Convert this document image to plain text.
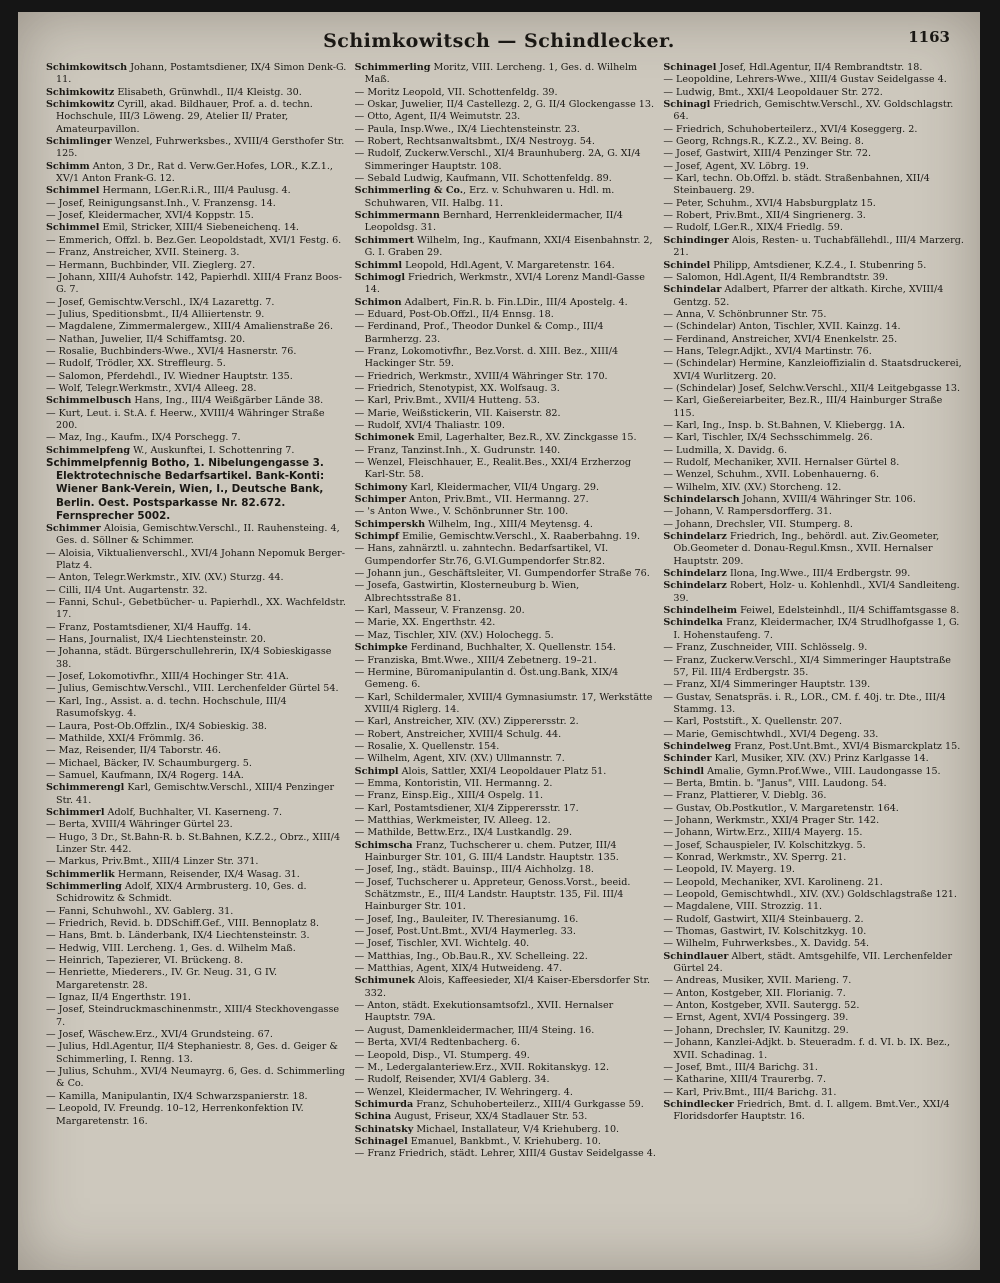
Schimkowitsch — Schindlecker.	1163

Schimkowitsch Johann, Postamtsdiener, IX/4 Simon Denk-G. 11.

Schimkowitz Elisabeth, Grünwhdl., II/4 Kleistg. 30.

Schimkowitz Cyrill, akad. Bildhauer, Prof. a. d. techn. Hochschule, III/3 Löweng. 29, Atelier II/ Prater, Amateurpavillon.

Schimlinger Wenzel, Fuhrwerksbes., XVIII/4 Gersthofer Str. 125.

Schimm Anton, 3 Dr., Rat d. Verw.Ger.Hofes, LOR., K.Z.1., XV/1 Anton Frank-G. 12.

Schimmel Hermann, LGer.R.i.R., III/4 Paulusg. 4.

— Josef, Reinigungsanst.Inh., V. Franzensg. 14.

— Josef, Kleidermacher, XVI/4 Koppstr. 15.

Schimmel Emil, Stricker, XIII/4 Siebeneichenq. 14.

— Emmerich, Offzl. b. Bez.Ger. Leopoldstadt, XVI/1 Festg. 6.

— Franz, Anstreicher, XVII. Steinerg. 3.

— Hermann, Buchbinder, VII. Zieglerg. 27.

— Johann, XIII/4 Auhofstr. 142, Papierhdl. XIII/4 Franz Boos-G. 7.

— Josef, Gemischtw.Verschl., IX/4 Lazarettg. 7.

— Julius, Speditionsbmt., II/4 Alliiertenstr. 9.

— Magdalene, Zimmermalergew., XIII/4 Amalienstraße 26.

— Nathan, Juwelier, II/4 Schiffamtsg. 20.

— Rosalie, Buchbinders-Wwe., XVI/4 Hasnerstr. 76.

— Rudolf, Trödler, XX. Streffleurg. 5.

— Salomon, Pferdehdl., IV. Wiedner Hauptstr. 135.

— Wolf, Telegr.Werkmstr., XVI/4 Alleeg. 28.

Schimmelbusch Hans, Ing., III/4 Weißgärber Lände 38.

— Kurt, Leut. i. St.A. f. Heerw., XVIII/4 Währinger Straße 200.

— Maz, Ing., Kaufm., IX/4 Porschegg. 7.

Schimmelpfeng W., Auskunftei, I. Schottenring 7.

Schimmelpfennig Botho, 1. Nibelungengasse 3. Elektrotechnische Bedarfsartikel. Bank-Konti: Wiener Bank-Verein, Wien, I., Deutsche Bank, Berlin. Oest. Postsparkasse Nr. 82.672. Fernsprecher 5002.

Schimmer Aloisia, Gemischtw.Verschl., II. Rauhensteing. 4, Ges. d. Söllner & Schimmer.

— Aloisia, Viktualienverschl., XVI/4 Johann Nepomuk Berger-Platz 4.

— Anton, Telegr.Werkmstr., XIV. (XV.) Sturzg. 44.

— Cilli, II/4 Unt. Augartenstr. 32.

— Fanni, Schul-, Gebetbücher- u. Papierhdl., XX. Wachfeldstr. 17.

— Franz, Postamtsdiener, XI/4 Hauffg. 14.

— Hans, Journalist, IX/4 Liechtensteinstr. 20.

— Johanna, städt. Bürgerschullehrerin, IX/4 Sobieskigasse 38.

— Josef, Lokomotivfhr., XIII/4 Hochinger Str. 41A.

— Julius, Gemischtw.Verschl., VIII. Lerchenfelder Gürtel 54.

— Karl, Ing., Assist. a. d. techn. Hochschule, III/4 Rasumofskyg. 4.

— Laura, Post-Ob.Offzlin., IX/4 Sobieskig. 38.

— Mathilde, XXI/4 Frömmlg. 36.

— Maz, Reisender, II/4 Taborstr. 46.

— Michael, Bäcker, IV. Schaumburgerg. 5.

— Samuel, Kaufmann, IX/4 Rogerg. 14A.

Schimmerengl Karl, Gemischtw.Verschl., XIII/4 Penzinger Str. 41.

Schimmerl Adolf, Buchhalter, VI. Kaserneng. 7.

— Berta, XVIII/4 Währinger Gürtel 23.

— Hugo, 3 Dr., St.Bahn-R. b. St.Bahnen, K.Z.2., Obrz., XIII/4 Linzer Str. 442.

— Markus, Priv.Bmt., XIII/4 Linzer Str. 371.

Schimmerlik Hermann, Reisender, IX/4 Wasag. 31.

Schimmerling Adolf, XIX/4 Armbrusterg. 10, Ges. d. Schidrowitz & Schmidt.

— Fanni, Schuhwohl., XV. Gablerg. 31.

— Friedrich, Revid. b. DDSchiff.Gef., VIII. Bennoplatz 8.

— Hans, Bmt. b. Länderbank, IX/4 Liechtensteinstr. 3.

— Hedwig, VIII. Lercheng. 1, Ges. d. Wilhelm Maß.

— Heinrich, Tapezierer, VI. Brückeng. 8.

— Henriette, Miederers., IV. Gr. Neug. 31, G IV. Margaretenstr. 28.

— Ignaz, II/4 Engerthstr. 191.

— Josef, Steindruckmaschinenmstr., XIII/4 Steckhovengasse 7.

— Josef, Wäschew.Erz., XVI/4 Grundsteing. 67.

— Julius, Hdl.Agentur, II/4 Stephaniestr. 8, Ges. d. Geiger & Schimmerling, I. Renng. 13.

— Julius, Schuhm., XVI/4 Neumayrg. 6, Ges. d. Schimmerling & Co.

— Kamilla, Manipulantin, IX/4 Schwarzspanierstr. 18.

— Leopold, IV. Freundg. 10–12, Herrenkonfektion IV. Margaretenstr. 16.

Schimmerling Moritz, VIII. Lercheng. 1, Ges. d. Wilhelm Maß.

— Moritz Leopold, VII. Schottenfeldg. 39.

— Oskar, Juwelier, II/4 Castellezg. 2, G. II/4 Glockengasse 13.

— Otto, Agent, II/4 Weimutstr. 23.

— Paula, Insp.Wwe., IX/4 Liechtensteinstr. 23.

— Robert, Rechtsanwaltsbmt., IX/4 Nestroyg. 54.

— Rudolf, Zuckerw.Verschl., XI/4 Braunhuberg. 2A, G. XI/4 Simmeringer Hauptstr. 108.

— Sebald Ludwig, Kaufmann, VII. Schottenfeldg. 89.

Schimmerling & Co., Erz. v. Schuhwaren u. Hdl. m. Schuhwaren, VII. Halbg. 11.

Schimmermann Bernhard, Herrenkleidermacher, II/4 Leopoldsg. 31.

Schimmert Wilhelm, Ing., Kaufmann, XXI/4 Eisenbahnstr. 2, G. I. Graben 29.

Schimml Leopold, Hdl.Agent, V. Margaretenstr. 164.

Schimogl Friedrich, Werkmstr., XVI/4 Lorenz Mandl-Gasse 14.

Schimon Adalbert, Fin.R. b. Fin.LDir., III/4 Apostelg. 4.

— Eduard, Post-Ob.Offzl., II/4 Ennsg. 18.

— Ferdinand, Prof., Theodor Dunkel & Comp., III/4 Barmherzg. 23.

— Franz, Lokomotivfhr., Bez.Vorst. d. XIII. Bez., XIII/4 Hackinger Str. 59.

— Friedrich, Werkmstr., XVIII/4 Währinger Str. 170.

— Friedrich, Stenotypist, XX. Wolfsaug. 3.

— Karl, Priv.Bmt., XVII/4 Hutteng. 53.

— Marie, Weißstickerin, VII. Kaiserstr. 82.

— Rudolf, XVI/4 Thaliastr. 109.

Schimonek Emil, Lagerhalter, Bez.R., XV. Zinckgasse 15.

— Franz, Tanzinst.Inh., X. Gudrunstr. 140.

— Wenzel, Fleischhauer, E., Realit.Bes., XXI/4 Erzherzog Karl-Str. 58.

Schimony Karl, Kleidermacher, VII/4 Ungarg. 29.

Schimper Anton, Priv.Bmt., VII. Hermanng. 27.

— 's Anton Wwe., V. Schönbrunner Str. 100.

Schimperskh Wilhelm, Ing., XIII/4 Meytensg. 4.

Schimpf Emilie, Gemischtw.Verschl., X. Raaberbahng. 19.

— Hans, zahnärztl. u. zahntechn. Bedarfsartikel, VI. Gumpendorfer Str.76, G.VI.Gumpendorfer Str.82.

— Johann jun., Geschäftsleiter, VI. Gumpendorfer Straße 76.

— Josefa, Gastwirtin, Klosterneuburg b. Wien, Albrechtsstraße 81.

— Karl, Masseur, V. Franzensg. 20.

— Marie, XX. Engerthstr. 42.

— Maz, Tischler, XIV. (XV.) Holochegg. 5.

Schimpke Ferdinand, Buchhalter, X. Quellenstr. 154.

— Franziska, Bmt.Wwe., XIII/4 Zebetnerg. 19–21.

— Hermine, Büromanipulantin d. Öst.ung.Bank, XIX/4 Gemeng. 6.

— Karl, Schildermaler, XVIII/4 Gymnasiumstr. 17, Werkstätte XVIII/4 Riglerg. 14.

— Karl, Anstreicher, XIV. (XV.) Zipperersstr. 2.

— Robert, Anstreicher, XVIII/4 Schulg. 44.

— Rosalie, X. Quellenstr. 154.

— Wilhelm, Agent, XIV. (XV.) Ullmannstr. 7.

Schimpl Alois, Sattler, XXI/4 Leopoldauer Platz 51.

— Emma, Kontoristin, VII. Hermanng. 2.

— Franz, Einsp.Eig., XIII/4 Ospelg. 11.

— Karl, Postamtsdiener, XI/4 Zipperersstr. 17.

— Matthias, Werkmeister, IV. Alleeg. 12.

— Mathilde, Bettw.Erz., IX/4 Lustkandlg. 29.

Schimscha Franz, Tuchscherer u. chem. Putzer, III/4 Hainburger Str. 101, G. III/4 Landstr. Hauptstr. 135.

— Josef, Ing., städt. Bauinsp., III/4 Aichholzg. 18.

— Josef, Tuchscherer u. Appreteur, Genoss.Vorst., beeid. Schätzmstr., E., III/4 Landstr. Hauptstr. 135, Fil. III/4 Hainburger Str. 101.

— Josef, Ing., Bauleiter, IV. Theresianumg. 16.

— Josef, Post.Unt.Bmt., XVI/4 Haymerleg. 33.

— Josef, Tischler, XVI. Wichtelg. 40.

— Matthias, Ing., Ob.Bau.R., XV. Schelleing. 22.

— Matthias, Agent, XIX/4 Hutweideng. 47.

Schimunek Alois, Kaffeesieder, XI/4 Kaiser-Ebersdorfer Str. 332.

— Anton, städt. Exekutionsamtsofzl., XVII. Hernalser Hauptstr. 79A.

— August, Damenkleidermacher, III/4 Steing. 16.

— Berta, XVI/4 Redtenbacherg. 6.

— Leopold, Disp., VI. Stumperg. 49.

— M., Ledergalanteriew.Erz., XVII. Rokitanskyg. 12.

— Rudolf, Reisender, XVI/4 Gablerg. 34.

— Wenzel, Kleidermacher, IV. Wehringerg. 4.

Schimurda Franz, Schuhoberteilerz., XIII/4 Gurkgasse 59.

Schina August, Friseur, XX/4 Stadlauer Str. 53.

Schinatsky Michael, Installateur, V/4 Kriehuberg. 10.

Schinagel Emanuel, Bankbmt., V. Kriehuberg. 10.

— Franz Friedrich, städt. Lehrer, XIII/4 Gustav Seidelgasse 4.

Schinagel Josef, Hdl.Agentur, II/4 Rembrandtstr. 18.

— Leopoldine, Lehrers-Wwe., XIII/4 Gustav Seidelgasse 4.

— Ludwig, Bmt., XXI/4 Leopoldauer Str. 272.

Schinagl Friedrich, Gemischtw.Verschl., XV. Goldschlagstr. 64.

— Friedrich, Schuhoberteilerz., XVI/4 Koseggerg. 2.

— Georg, Rchngs.R., K.Z.2., XV. Being. 8.

— Josef, Gastwirt, XIII/4 Penzinger Str. 72.

— Josef, Agent, XV. Löbrg. 19.

— Karl, techn. Ob.Offzl. b. städt. Straßenbahnen, XII/4 Steinbauerg. 29.

— Peter, Schuhm., XVI/4 Habsburgplatz 15.

— Robert, Priv.Bmt., XII/4 Singrienerg. 3.

— Rudolf, LGer.R., XIX/4 Friedlg. 59.

Schindinger Alois, Resten- u. Tuchabfällehdl., III/4 Marzerg. 21.

Schindel Philipp, Amtsdiener, K.Z.4., I. Stubenring 5.

— Salomon, Hdl.Agent, II/4 Rembrandtstr. 39.

Schindelar Adalbert, Pfarrer der altkath. Kirche, XVIII/4 Gentzg. 52.

— Anna, V. Schönbrunner Str. 75.

— (Schindelar) Anton, Tischler, XVII. Kainzg. 14.

— Ferdinand, Anstreicher, XVI/4 Enenkelstr. 25.

— Hans, Telegr.Adjkt., XVI/4 Martinstr. 76.

— (Schindelar) Hermine, Kanzleioffizialin d. Staatsdruckerei, XVI/4 Wurlitzerg. 20.

— (Schindelar) Josef, Selchw.Verschl., XII/4 Leitgebgasse 13.

— Karl, Gießereiarbeiter, Bez.R., III/4 Hainburger Straße 115.

— Karl, Ing., Insp. b. St.Bahnen, V. Kliebergg. 1A.

— Karl, Tischler, IX/4 Sechsschimmelg. 26.

— Ludmilla, X. Davidg. 6.

— Rudolf, Mechaniker, XVII. Hernalser Gürtel 8.

— Wenzel, Schuhm., XVII. Lobenhauerng. 6.

— Wilhelm, XIV. (XV.) Storcheng. 12.

Schindelarsch Johann, XVIII/4 Währinger Str. 106.

— Johann, V. Rampersdorfferg. 31.

— Johann, Drechsler, VII. Stumperg. 8.

Schindelarz Friedrich, Ing., behördl. aut. Ziv.Geometer, Ob.Geometer d. Donau-Regul.Kmsn., XVII. Hernalser Hauptstr. 209.

Schindelarz Ilona, Ing.Wwe., III/4 Erdbergstr. 99.

Schindelarz Robert, Holz- u. Kohlenhdl., XVI/4 Sandleiteng. 39.

Schindelheim Feiwel, Edelsteinhdl., II/4 Schiffamtsgasse 8.

Schindelka Franz, Kleidermacher, IX/4 Strudlhofgasse 1, G. I. Hohenstaufeng. 7.

— Franz, Zuschneider, VIII. Schlösselg. 9.

— Franz, Zuckerw.Verschl., XI/4 Simmeringer Hauptstraße 57, Fil. III/4 Erdbergstr. 35.

— Franz, XI/4 Simmeringer Hauptstr. 139.

— Gustav, Senatspräs. i. R., LOR., CM. f. 40j. tr. Dte., III/4 Stammg. 13.

— Karl, Poststift., X. Quellenstr. 207.

— Marie, Gemischtwhdl., XVI/4 Degeng. 33.

Schindelweg Franz, Post.Unt.Bmt., XVI/4 Bismarckplatz 15.

Schinder Karl, Musiker, XIV. (XV.) Prinz Karlgasse 14.

Schindl Amalie, Gymn.Prof.Wwe., VIII. Laudongasse 15.

— Berta, Bmtin. b. "Janus", VIII. Laudong. 54.

— Franz, Plattierer, V. Dieblg. 36.

— Gustav, Ob.Postkutlor., V. Margaretenstr. 164.

— Johann, Werkmstr., XXI/4 Prager Str. 142.

— Johann, Wirtw.Erz., XIII/4 Mayerg. 15.

— Josef, Schauspieler, IV. Kolschitzkyg. 5.

— Konrad, Werkmstr., XV. Sperrg. 21.

— Leopold, IV. Mayerg. 19.

— Leopold, Mechaniker, XVI. Karolineng. 21.

— Leopold, Gemischtwhdl., XIV. (XV.) Goldschlagstraße 121.

— Magdalene, VIII. Strozzig. 11.

— Rudolf, Gastwirt, XII/4 Steinbauerg. 2.

— Thomas, Gastwirt, IV. Kolschitzkyg. 10.

— Wilhelm, Fuhrwerksbes., X. Davidg. 54.

Schindlauer Albert, städt. Amtsgehilfe, VII. Lerchenfelder Gürtel 24.

— Andreas, Musiker, XVII. Marieng. 7.

— Anton, Kostgeber, XII. Florianig. 7.

— Anton, Kostgeber, XVII. Sautergg. 52.

— Ernst, Agent, XVI/4 Possingerg. 39.

— Johann, Drechsler, IV. Kaunitzg. 29.

— Johann, Kanzlei-Adjkt. b. Steueradm. f. d. VI. b. IX. Bez., XVII. Schadinag. 1.

— Josef, Bmt., III/4 Barichg. 31.

— Katharine, XIII/4 Traurerbg. 7.

— Karl, Priv.Bmt., III/4 Barichg. 31.

Schindlecker Friedrich, Bmt. d. I. allgem. Bmt.Ver., XXI/4 Floridsdorfer Hauptstr. 16.
